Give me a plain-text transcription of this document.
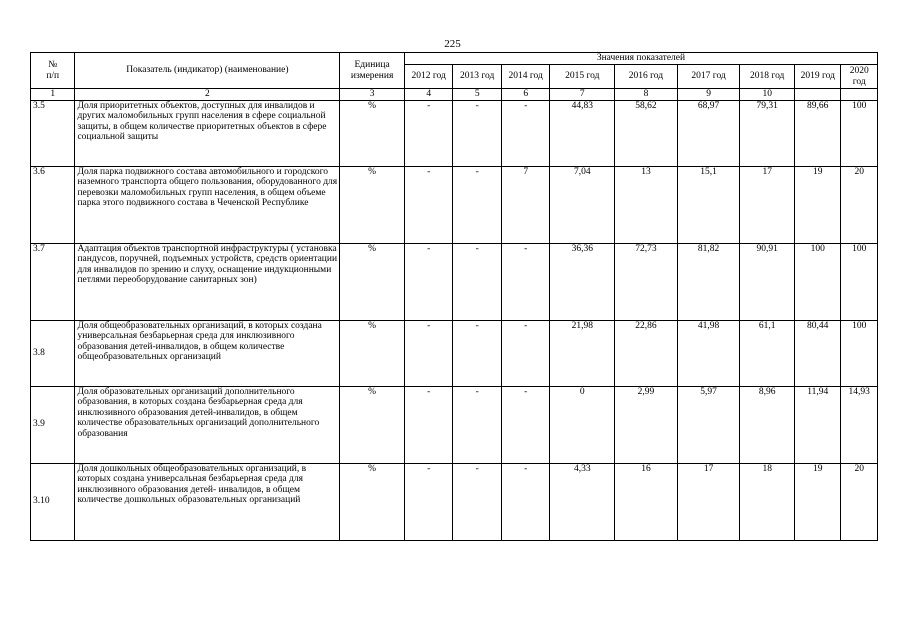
225
№
п/п	Показатель (индикатор) (наименование)	Единица измерения	Значения показателей								
			2012 год	2013 год	2014 год	2015 год	2016 год	2017 год	2018 год	2019 год	2020 год
1	2	3	4	5	6	7	8	9	10		
3.5	Доля приоритетных объектов, доступных для инвалидов и других маломобильных групп населения в сфере социальной защиты, в общем количестве приоритетных объектов в сфере социальной защиты	%	-	-	-	44,83	58,62	68,97	79,31	89,66	100
3.6	Доля парка подвижного состава автомобильного и городского наземного транспорта общего пользования, оборудованного для перевозки маломобильных групп населения, в общем объеме парка этого подвижного состава в Чеченской Республике	%	-	-	7	7,04	13	15,1	17	19	20
3.7	Адаптация объектов транспортной инфраструктуры ( установка пандусов, поручней, подъемных устройств, средств ориентации для инвалидов по зрению и слуху, оснащение индукционными петлями переоборудование санитарных зон)	%	-	-	-	36,36	72,73	81,82	90,91	100	100
3.8	Доля общеобразовательных организаций, в которых создана универсальная безбарьерная среда для инклюзивного образования детей-инвалидов, в общем количестве общеобразовательных организаций	%	-	-	-	21,98	22,86	41,98	61,1	80,44	100
3.9	Доля образовательных организаций дополнительного образования, в которых создана безбарьерная среда для инклюзивного образования детей-инвалидов, в общем количестве образовательных организаций дополнительного образования	%	-	-	-	0	2,99	5,97	8,96	11,94	14,93
3.10	Доля дошкольных общеобразовательных организаций, в которых создана универсальная безбарьерная среда для инклюзивного образования детей- инвалидов, в общем количестве дошкольных образовательных организаций	%	-	-	-	4,33	16	17	18	19	20
